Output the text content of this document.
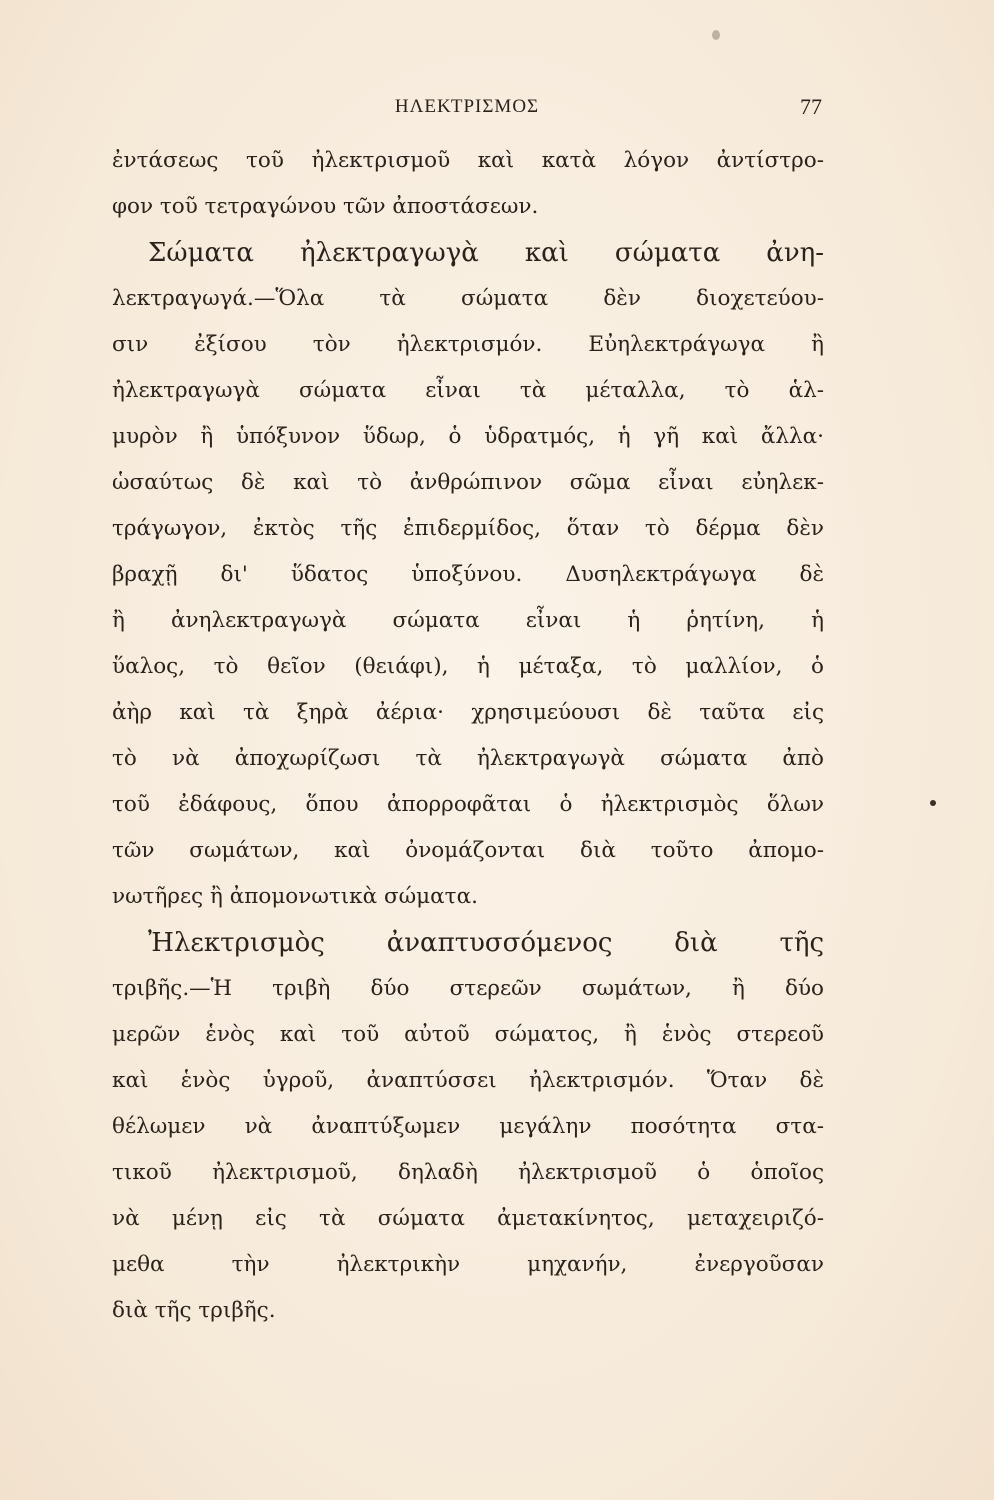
ΗΛΕΚΤΡΙΣΜΟΣ	77
ἐντάσεως τοῦ ἠλεκτρισμοῦ καὶ κατὰ λόγον ἀντίστρο-
φον τοῦ τετραγώνου τῶν ἀποστάσεων.
Σώματα ἠλεκτραγωγὰ καὶ σώματα ἀνη-
λεκτραγωγά.—Ὅλα τὰ σώματα δὲν διοχετεύου-
σιν ἐξίσου τὸν ἠλεκτρισμόν. Εὐηλεκτράγωγα ἢ
ἠλεκτραγωγὰ σώματα εἶναι τὰ μέταλλα, τὸ ἁλ-
μυρὸν ἢ ὑπόξυνον ὕδωρ, ὁ ὑδρατμός, ἡ γῆ καὶ ἄλλα·
ὡσαύτως δὲ καὶ τὸ ἀνθρώπινον σῶμα εἶναι εὐηλεκ-
τράγωγον, ἐκτὸς τῆς ἐπιδερμίδος, ὅταν τὸ δέρμα δὲν
βραχῇ δι' ὕδατος ὑποξύνου. Δυσηλεκτράγωγα δὲ
ἢ ἀνηλεκτραγωγὰ σώματα εἶναι ἡ ῥητίνη, ἡ
ὕαλος, τὸ θεῖον (θειάφι), ἡ μέταξα, τὸ μαλλίον, ὁ
ἀὴρ καὶ τὰ ξηρὰ ἀέρια· χρησιμεύουσι δὲ ταῦτα εἰς
τὸ νὰ ἀποχωρίζωσι τὰ ἠλεκτραγωγὰ σώματα ἀπὸ
τοῦ ἐδάφους, ὅπου ἀπορροφᾶται ὁ ἠλεκτρισμὸς ὅλων
τῶν σωμάτων, καὶ ὀνομάζονται διὰ τοῦτο ἀπομο-
νωτῆρες ἢ ἀπομονωτικὰ σώματα.
Ἠλεκτρισμὸς ἀναπτυσσόμενος διὰ τῆς
τριβῆς.—Ἡ τριβὴ δύο στερεῶν σωμάτων, ἢ δύο
μερῶν ἑνὸς καὶ τοῦ αὐτοῦ σώματος, ἢ ἑνὸς στερεοῦ
καὶ ἑνὸς ὑγροῦ, ἀναπτύσσει ἠλεκτρισμόν. Ὅταν δὲ
θέλωμεν νὰ ἀναπτύξωμεν μεγάλην ποσότητα στα-
τικοῦ ἠλεκτρισμοῦ, δηλαδὴ ἠλεκτρισμοῦ ὁ ὁποῖος
νὰ μένῃ εἰς τὰ σώματα ἀμετακίνητος, μεταχειριζό-
μεθα τὴν ἠλεκτρικὴν μηχανήν, ἐνεργοῦσαν
διὰ τῆς τριβῆς.
